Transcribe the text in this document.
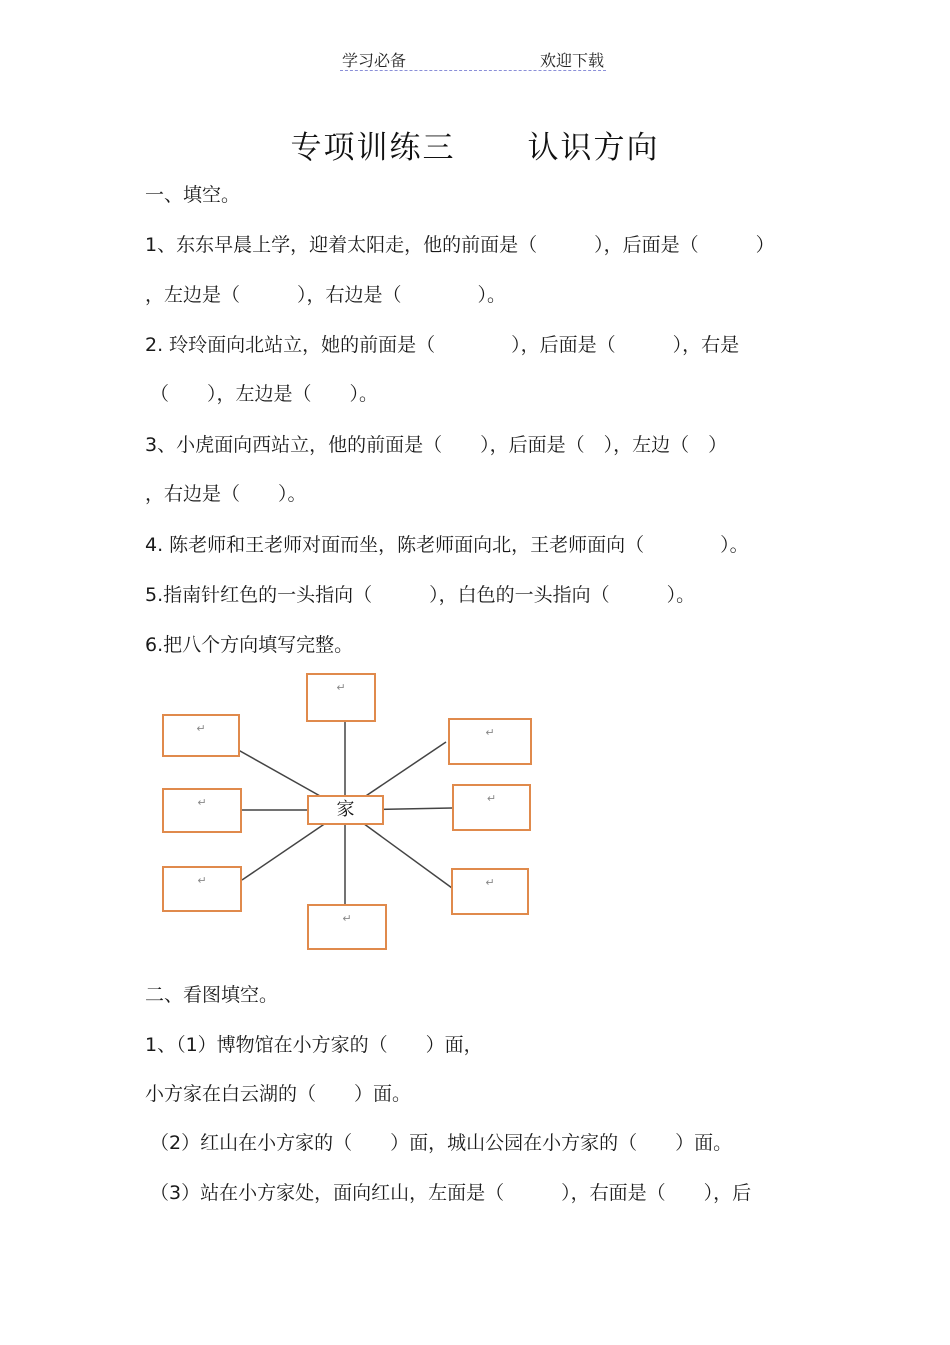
学习必备	欢迎下载
专项训练三 认识方向
一、填空。
1、东东早晨上学，迎着太阳走，他的前面是（　　　），后面是（　　　）
，左边是（　　　），右边是（　　　　）。
2. 玲玲面向北站立，她的前面是（　　　　），后面是（　　　），右是
（　　），左边是（　　）。
3、小虎面向西站立，他的前面是（　　），后面是（　），左边（　）
，右边是（　　）。
4. 陈老师和王老师对面而坐，陈老师面向北，王老师面向（　　　　）。
5.指南针红色的一头指向（　　　），白色的一头指向（　　　）。
6.把八个方向填写完整。
家
↵
↵	↵
↵	↵
↵	↵
↵
二、看图填空。
1、（1）博物馆在小方家的（　　）面，
小方家在白云湖的（　　）面。
（2）红山在小方家的（　　）面，城山公园在小方家的（　　）面。
（3）站在小方家处，面向红山，左面是（　　　），右面是（　　），后
